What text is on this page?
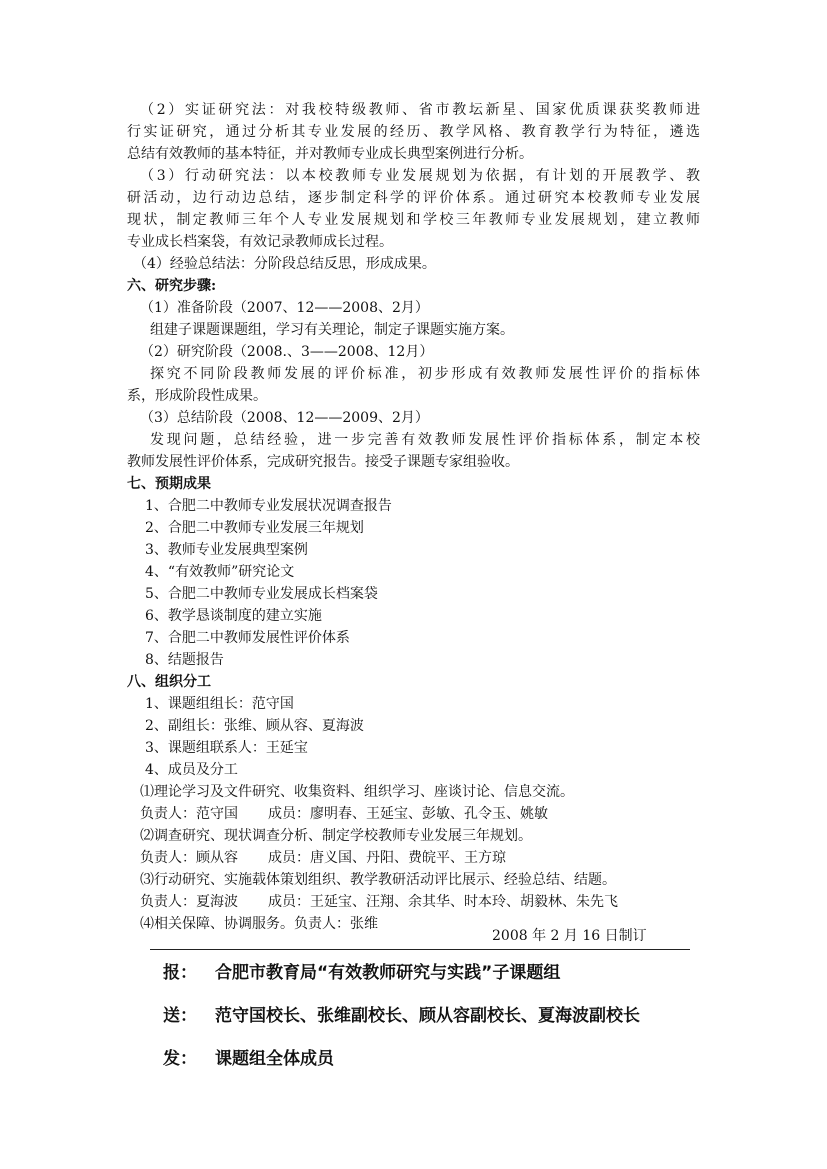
（2）实证研究法：对我校特级教师、省市教坛新星、国家优质课获奖教师进
行实证研究，通过分析其专业发展的经历、教学风格、教育教学行为特征，遴选
总结有效教师的基本特征，并对教师专业成长典型案例进行分析。
（3）行动研究法：以本校教师专业发展规划为依据，有计划的开展教学、教
研活动，边行动边总结，逐步制定科学的评价体系。通过研究本校教师专业发展
现状，制定教师三年个人专业发展规划和学校三年教师专业发展规划，建立教师
专业成长档案袋，有效记录教师成长过程。
（4）经验总结法：分阶段总结反思，形成成果。
六、研究步骤:
（1）准备阶段（2007、12——2008、2月）
组建子课题课题组，学习有关理论，制定子课题实施方案。
（2）研究阶段（2008.、3——2008、12月）
探究不同阶段教师发展的评价标准，初步形成有效教师发展性评价的指标体
系，形成阶段性成果。
（3）总结阶段（2008、12——2009、2月）
发现问题，总结经验，进一步完善有效教师发展性评价指标体系，制定本校
教师发展性评价体系，完成研究报告。接受子课题专家组验收。
七、预期成果
1、合肥二中教师专业发展状况调查报告
2、合肥二中教师专业发展三年规划
3、教师专业发展典型案例
4、“有效教师”研究论文
5、合肥二中教师专业发展成长档案袋
6、教学恳谈制度的建立实施
7、合肥二中教师发展性评价体系
8、结题报告
八、组织分工
1、课题组组长：范守国
2、副组长：张维、顾从容、夏海波
3、课题组联系人：王延宝
4、成员及分工
⑴理论学习及文件研究、收集资料、组织学习、座谈讨论、信息交流。
负责人：范守国 成员：廖明春、王延宝、彭敏、孔令玉、姚敏
⑵调查研究、现状调查分析、制定学校教师专业发展三年规划。
负责人：顾从容 成员：唐义国、丹阳、费皖平、王方琼
⑶行动研究、实施载体策划组织、教学教研活动评比展示、经验总结、结题。
负责人：夏海波 成员：王延宝、汪翔、余其华、时本玲、胡毅林、朱先飞
⑷相关保障、协调服务。负责人：张维
2008 年 2 月 16 日制订
报： 合肥市教育局“有效教师研究与实践”子课题组
送： 范守国校长、张维副校长、顾从容副校长、夏海波副校长
发： 课题组全体成员
